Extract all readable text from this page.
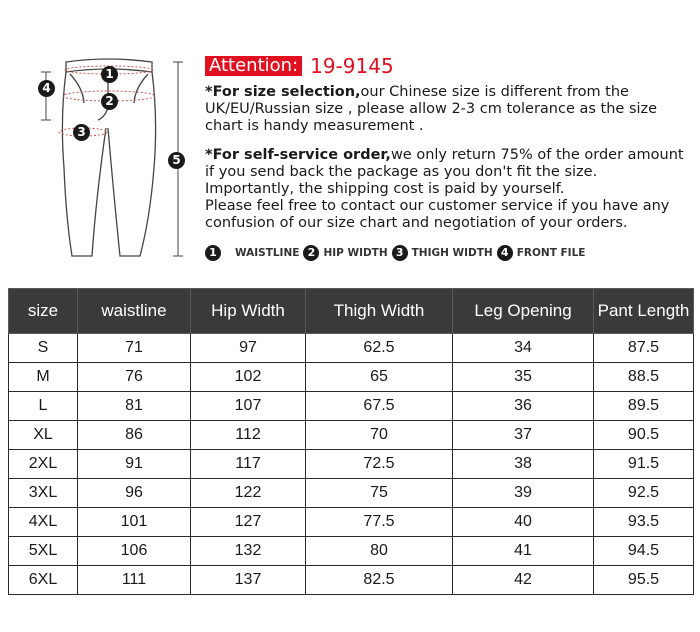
1
2
3
4
5
Attention: 19-9145
*For size selection,our Chinese size is different from the UK/EU/Russian size , please allow 2-3 cm tolerance as the size chart is handy measurement .
*For self-service order,we only return 75% of the order amount if you send back the package as you don't fit the size.
Importantly, the shipping cost is paid by yourself.
Please feel free to contact our customer service if you have any confusion of our size chart and negotiation of your orders.
1	WAISTLINE 2 HIP WIDTH 3 THIGH WIDTH 4 FRONT FILE
size	waistline	Hip Width	Thigh Width	Leg Opening	Pant Length
S	71	97	62.5	34	87.5
M	76	102	65	35	88.5
L	81	107	67.5	36	89.5
XL	86	112	70	37	90.5
2XL	91	117	72.5	38	91.5
3XL	96	122	75	39	92.5
4XL	101	127	77.5	40	93.5
5XL	106	132	80	41	94.5
6XL	111	137	82.5	42	95.5
